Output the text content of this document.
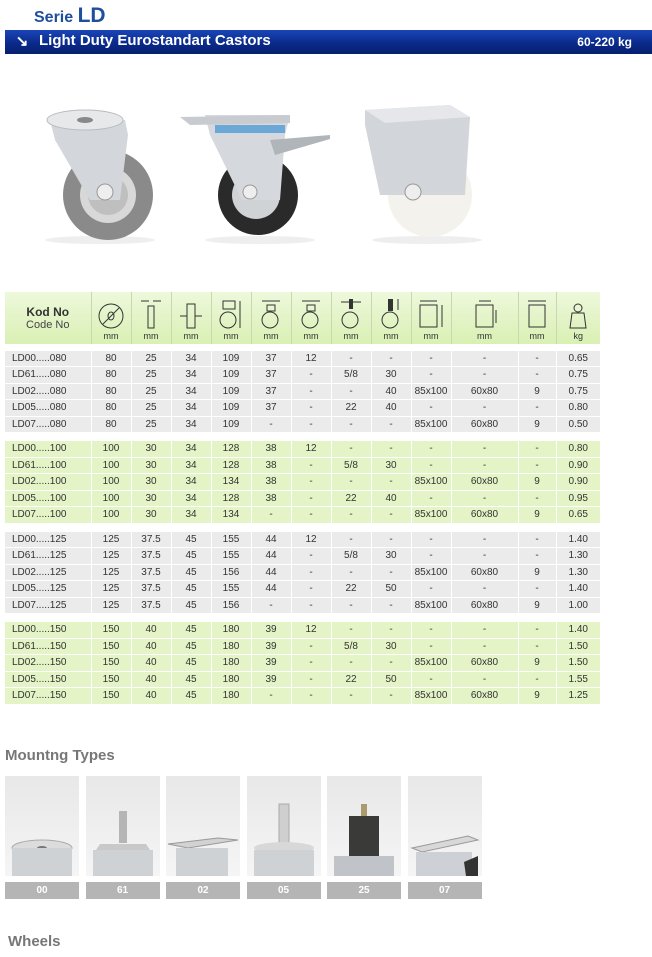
Serie LD
↘ Light Duty Eurostandart Castors	60-220 kg
Kod No
Code No	mm	mm	mm	mm	mm	mm	mm	mm	mm	mm	mm	kg

LD00.....080	80	25	34	109	37	12	-	-	-	-	-	0.65
LD61.....080	80	25	34	109	37	-	5/8	30	-	-	-	0.75
LD02.....080	80	25	34	109	37	-	-	40	85x100	60x80	9	0.75
LD05.....080	80	25	34	109	37	-	22	40	-	-	-	0.80
LD07.....080	80	25	34	109	-	-	-	-	85x100	60x80	9	0.50

LD00.....100	100	30	34	128	38	12	-	-	-	-	-	0.80
LD61.....100	100	30	34	128	38	-	5/8	30	-	-	-	0.90
LD02.....100	100	30	34	134	38	-	-	-	85x100	60x80	9	0.90
LD05.....100	100	30	34	128	38	-	22	40	-	-	-	0.95
LD07.....100	100	30	34	134	-	-	-	-	85x100	60x80	9	0.65

LD00.....125	125	37.5	45	155	44	12	-	-	-	-	-	1.40
LD61.....125	125	37.5	45	155	44	-	5/8	30	-	-	-	1.30
LD02.....125	125	37.5	45	156	44	-	-	-	85x100	60x80	9	1.30
LD05.....125	125	37.5	45	155	44	-	22	50	-	-	-	1.40
LD07.....125	125	37.5	45	156	-	-	-	-	85x100	60x80	9	1.00

LD00.....150	150	40	45	180	39	12	-	-	-	-	-	1.40
LD61.....150	150	40	45	180	39	-	5/8	30	-	-	-	1.50
LD02.....150	150	40	45	180	39	-	-	-	85x100	60x80	9	1.50
LD05.....150	150	40	45	180	39	-	22	50	-	-	-	1.55
LD07.....150	150	40	45	180	-	-	-	-	85x100	60x80	9	1.25
Mountng Types
00	61	02	05	25	07
Wheels
